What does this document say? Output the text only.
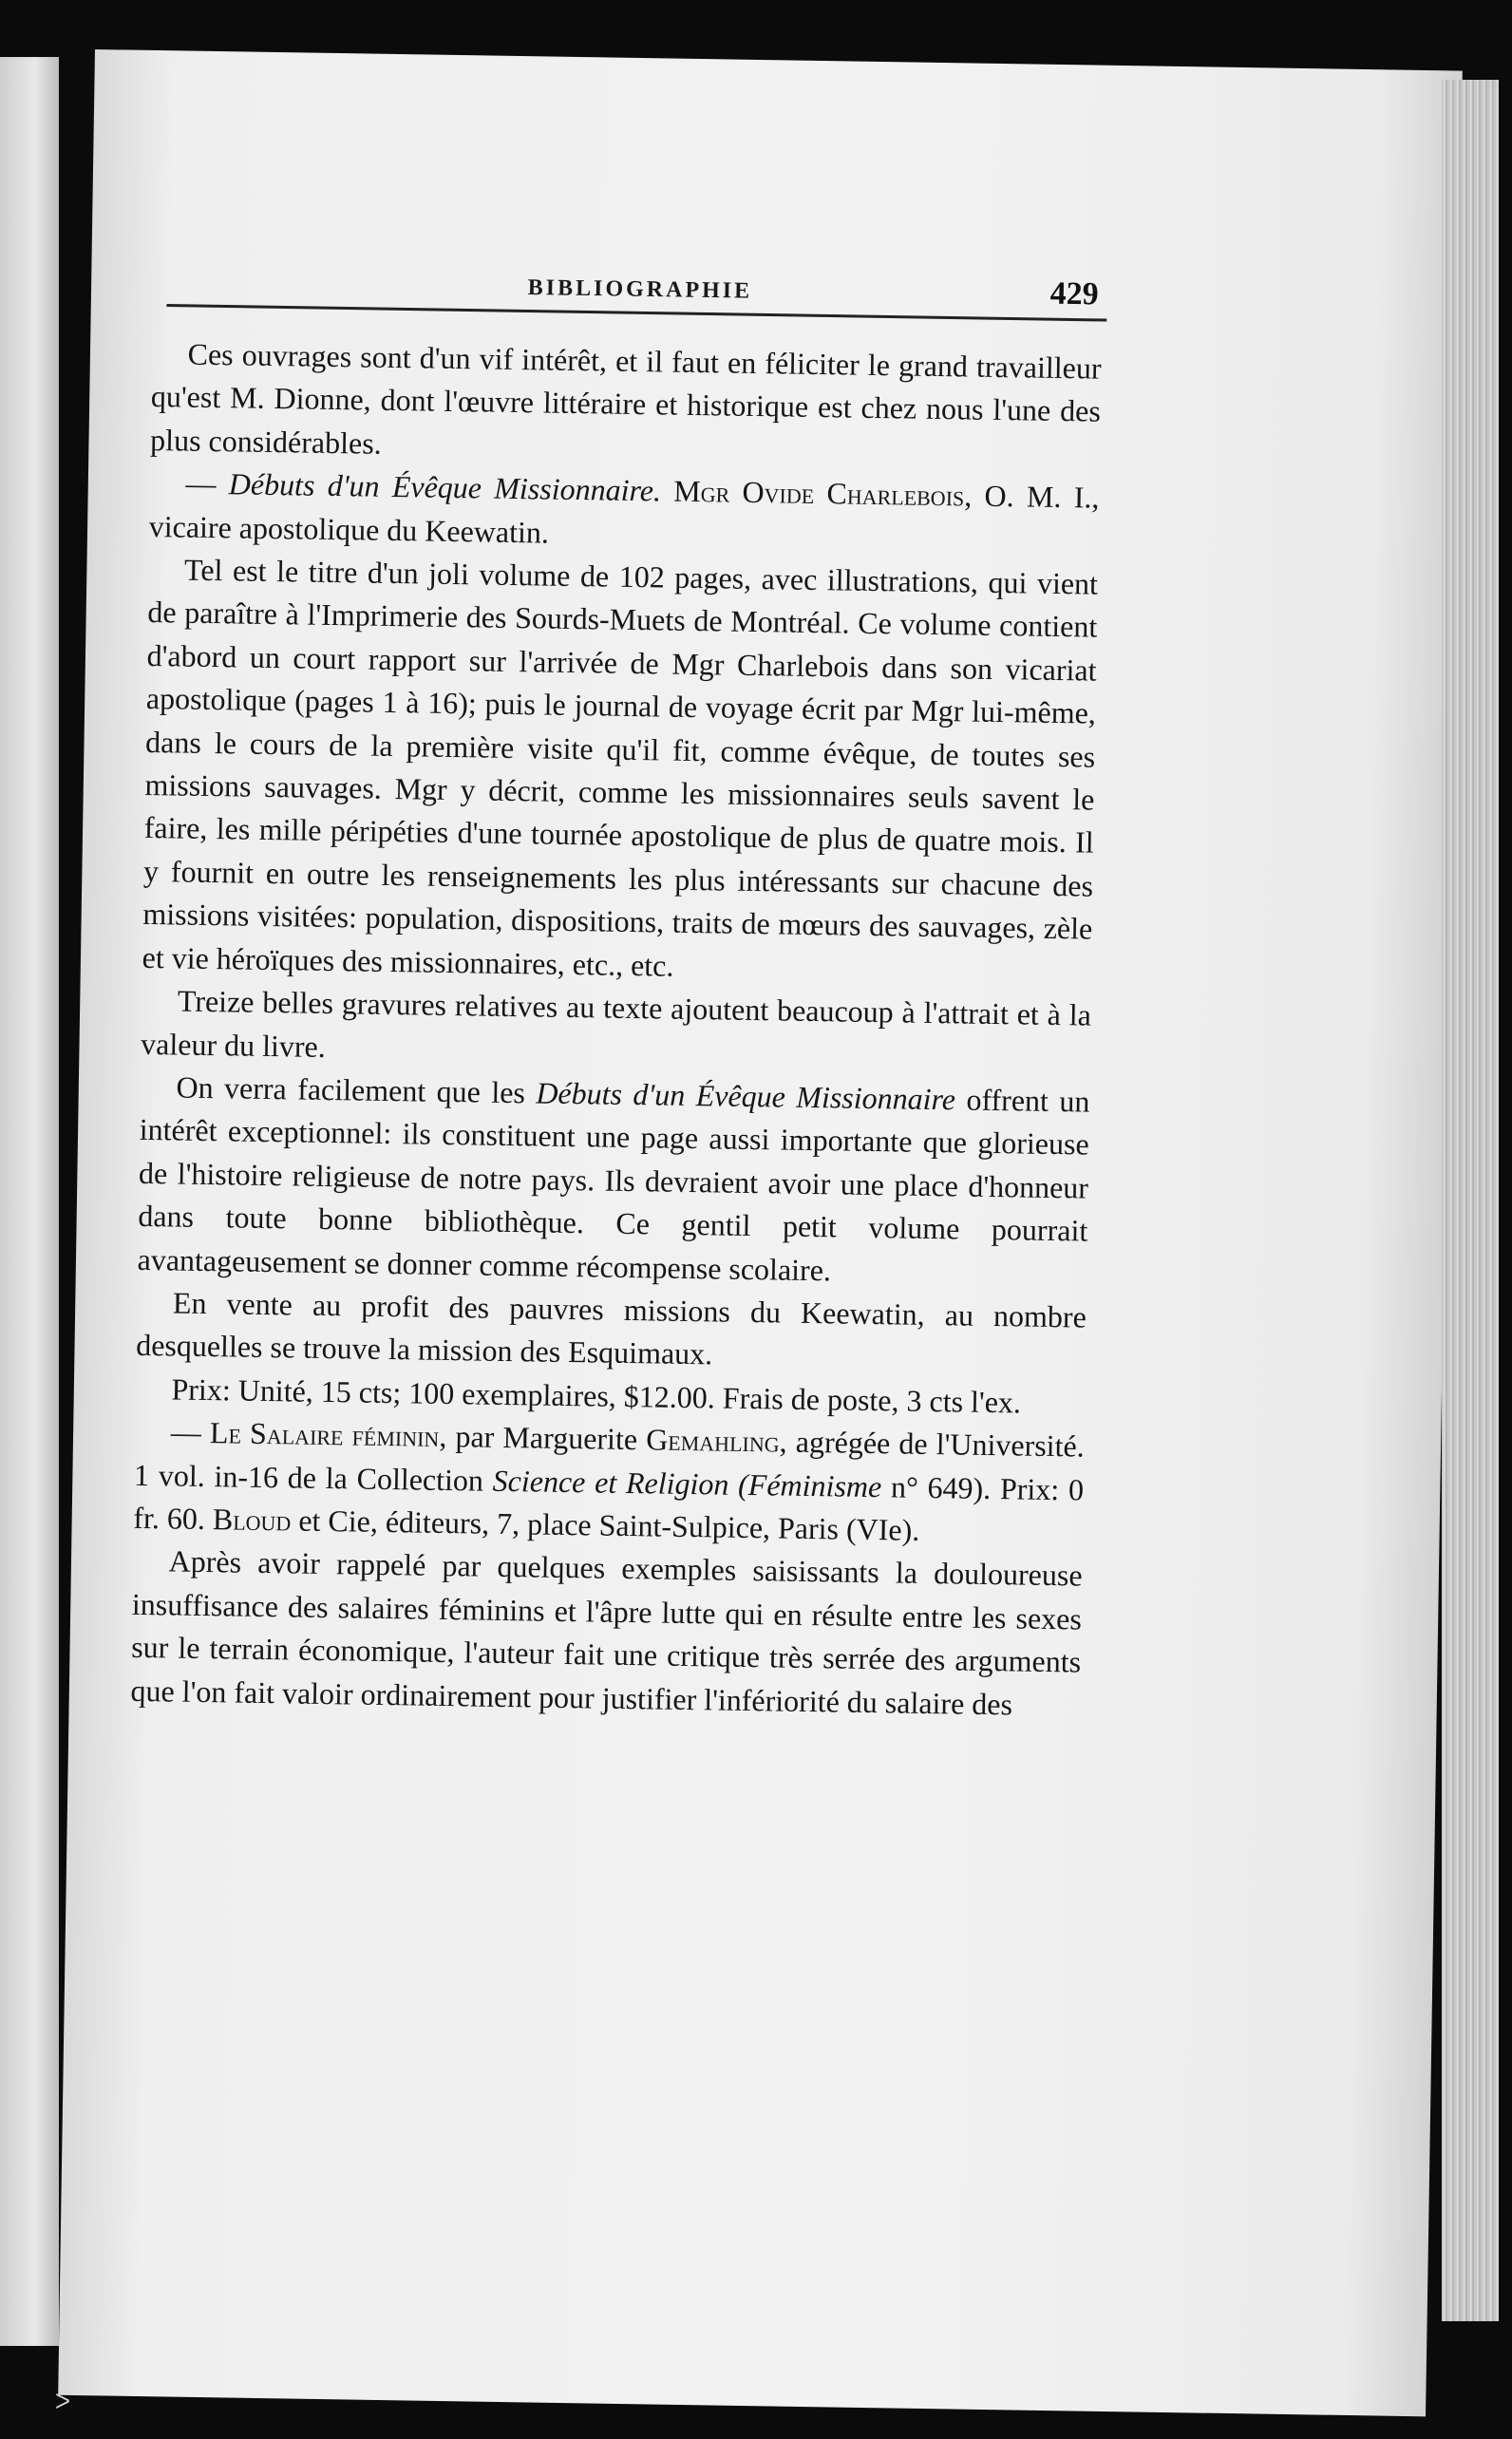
BIBLIOGRAPHIE	429

Ces ouvrages sont d'un vif intérêt, et il faut en féliciter le grand travailleur qu'est M. Dionne, dont l'œuvre littéraire et historique est chez nous l'une des plus considérables.

— Débuts d'un Évêque Missionnaire. Mgr Ovide Charlebois, O. M. I., vicaire apostolique du Keewatin.

Tel est le titre d'un joli volume de 102 pages, avec illustrations, qui vient de paraître à l'Imprimerie des Sourds-Muets de Montréal. Ce volume contient d'abord un court rapport sur l'arrivée de Mgr Charlebois dans son vicariat apostolique (pages 1 à 16); puis le journal de voyage écrit par Mgr lui-même, dans le cours de la première visite qu'il fit, comme évêque, de toutes ses missions sauvages. Mgr y décrit, comme les missionnaires seuls savent le faire, les mille péripéties d'une tournée apostolique de plus de quatre mois. Il y fournit en outre les renseignements les plus intéressants sur chacune des missions visitées: population, dispositions, traits de mœurs des sauvages, zèle et vie héroïques des missionnaires, etc., etc.

Treize belles gravures relatives au texte ajoutent beaucoup à l'attrait et à la valeur du livre.

On verra facilement que les Débuts d'un Évêque Missionnaire offrent un intérêt exceptionnel: ils constituent une page aussi importante que glorieuse de l'histoire religieuse de notre pays. Ils devraient avoir une place d'honneur dans toute bonne bibliothèque. Ce gentil petit volume pourrait avantageusement se donner comme récompense scolaire.

En vente au profit des pauvres missions du Keewatin, au nombre desquelles se trouve la mission des Esquimaux.

Prix: Unité, 15 cts; 100 exemplaires, $12.00. Frais de poste, 3 cts l'ex.

— Le Salaire féminin, par Marguerite Gemahling, agrégée de l'Université. 1 vol. in-16 de la Collection Science et Religion (Féminisme n° 649). Prix: 0 fr. 60. Bloud et Cie, éditeurs, 7, place Saint-Sulpice, Paris (VIe).

Après avoir rappelé par quelques exemples saisissants la douloureuse insuffisance des salaires féminins et l'âpre lutte qui en résulte entre les sexes sur le terrain économique, l'auteur fait une critique très serrée des arguments que l'on fait valoir ordinairement pour justifier l'infériorité du salaire des

ᐳ
